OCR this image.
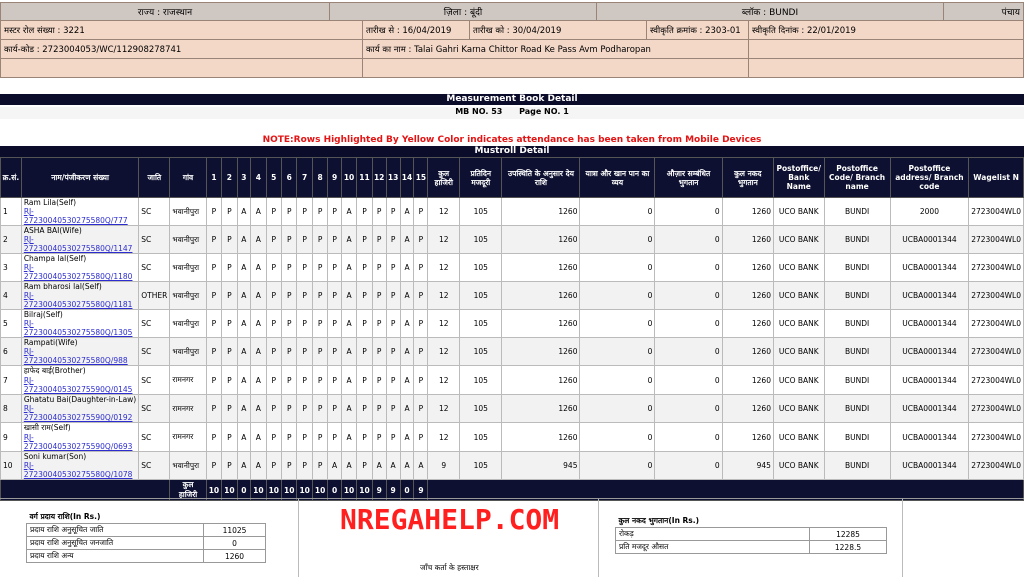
राज्य : राजस्थान	ज़िला : बूंदी	ब्लॉक : BUNDI	पंचाय
मस्टर रोल संख्या : 3221	तारीख से : 16/04/2019	तारीख को : 30/04/2019	स्वीकृति क्रमांक : 2303-01	स्वीकृति दिनांक : 22/01/2019
कार्य-कोड : 2723004053/WC/112908278741	कार्य का नाम : Talai Gahri Karna Chittor Road Ke Pass Avm Podharopan			

Measurement Book Detail
MB NO. 53 Page NO. 1
NOTE:Rows Highlighted By Yellow Color indicates attendance has been taken from Mobile Devices
Mustroll Detail
क्र.सं.	नाम/पंजीकरण संख्या	जाति	गांव	1	2	3	4	5	6	7	8	9	10	11	12	13	14	15	कुल हाजिरी	प्रतिदिन मजदूरी	उपस्थिति के अनुसार देय राशि	यात्रा और खान पान का व्यय	औज़ार सम्बंधित भुगतान	कुल नकद भुगतान	Postoffice/ Bank Name	Postoffice Code/ Branch name	Postoffice address/ Branch code	Wagelist N
1	Ram Lila(Self)
RJ-27230040530275580Q/777	SC	भवानीपुरा	P	P	A	A	P	P	P	P	P	A	P	P	P	A	P	12	105	1260	0	0	1260	UCO BANK	BUNDI	2000	2723004WL0
2	ASHA BAI(Wife)
RJ-27230040530275580Q/1147	SC	भवानीपुरा	P	P	A	A	P	P	P	P	P	A	P	P	P	A	P	12	105	1260	0	0	1260	UCO BANK	BUNDI	UCBA0001344	2723004WL0
3	Champa lal(Self)
RJ-27230040530275580Q/1180	SC	भवानीपुरा	P	P	A	A	P	P	P	P	P	A	P	P	P	A	P	12	105	1260	0	0	1260	UCO BANK	BUNDI	UCBA0001344	2723004WL0
4	Ram bharosi lal(Self)
RJ-27230040530275580Q/1181	OTHER	भवानीपुरा	P	P	A	A	P	P	P	P	P	A	P	P	P	A	P	12	105	1260	0	0	1260	UCO BANK	BUNDI	UCBA0001344	2723004WL0
5	Bilraj(Self)
RJ-27230040530275580Q/1305	SC	भवानीपुरा	P	P	A	A	P	P	P	P	P	A	P	P	P	A	P	12	105	1260	0	0	1260	UCO BANK	BUNDI	UCBA0001344	2723004WL0
6	Rampati(Wife)
RJ-27230040530275580Q/988	SC	भवानीपुरा	P	P	A	A	P	P	P	P	P	A	P	P	P	A	P	12	105	1260	0	0	1260	UCO BANK	BUNDI	UCBA0001344	2723004WL0
7	हाफेद बाई(Brother)
RJ-27230040530275590Q/0145	SC	रामनगर	P	P	A	A	P	P	P	P	P	A	P	P	P	A	P	12	105	1260	0	0	1260	UCO BANK	BUNDI	UCBA0001344	2723004WL0
8	Ghatatu Bai(Daughter-in-Law)
RJ-27230040530275590Q/0192	SC	रामनगर	P	P	A	A	P	P	P	P	P	A	P	P	P	A	P	12	105	1260	0	0	1260	UCO BANK	BUNDI	UCBA0001344	2723004WL0
9	खासी राम(Self)
RJ-27230040530275590Q/0693	SC	रामनगर	P	P	A	A	P	P	P	P	P	A	P	P	P	A	P	12	105	1260	0	0	1260	UCO BANK	BUNDI	UCBA0001344	2723004WL0
10	Soni kumar(Son)
RJ-27230040530275580Q/1078	SC	भवानीपुरा	P	P	A	A	P	P	P	P	A	A	P	A	A	A	A	9	105	945	0	0	945	UCO BANK	BUNDI	UCBA0001344	2723004WL0
			कुल हाजिरी	10	10	0	10	10	10	10	10	0	10	10	9	9	0	9										
वर्ग प्रदाय राशि(In Rs.)	
प्रदाय राशि अनुसूचित जाति	11025
प्रदाय राशि अनुसूचित जनजाति	0
प्रदाय राशि अन्य	1260
NREGAHELP.COM
जाँच कर्ता के हस्ताक्षर
कुल नकद भुगतान(In Rs.)	
रोकड़	12285
प्रति मजदूर औसत	1228.5
